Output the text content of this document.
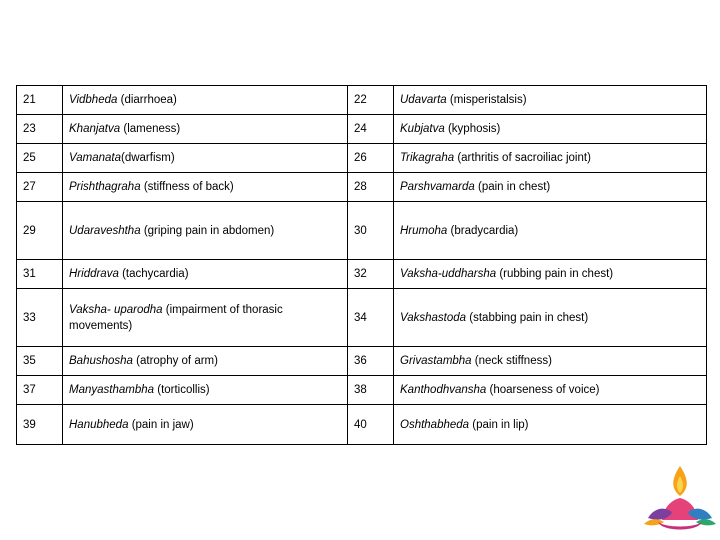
21	Vidbheda (diarrhoea)	22	Udavarta (misperistalsis)
23	Khanjatva (lameness)	24	Kubjatva (kyphosis)
25	Vamanata(dwarfism)	26	Trikagraha (arthritis of sacroiliac joint)
27	Prishthagraha (stiffness of back)	28	Parshvamarda (pain in chest)
29	Udaraveshtha (griping pain in abdomen)	30	Hrumoha (bradycardia)
31	Hriddrava (tachycardia)	32	Vaksha-uddharsha (rubbing pain in chest)
33	Vaksha- uparodha (impairment of thorasic movements)	34	Vakshastoda (stabbing pain in chest)
35	Bahushosha (atrophy of arm)	36	Grivastambha (neck stiffness)
37	Manyasthambha (torticollis)	38	Kanthodhvansha (hoarseness of voice)
39	Hanubheda (pain in jaw)	40	Oshthabheda (pain in lip)
